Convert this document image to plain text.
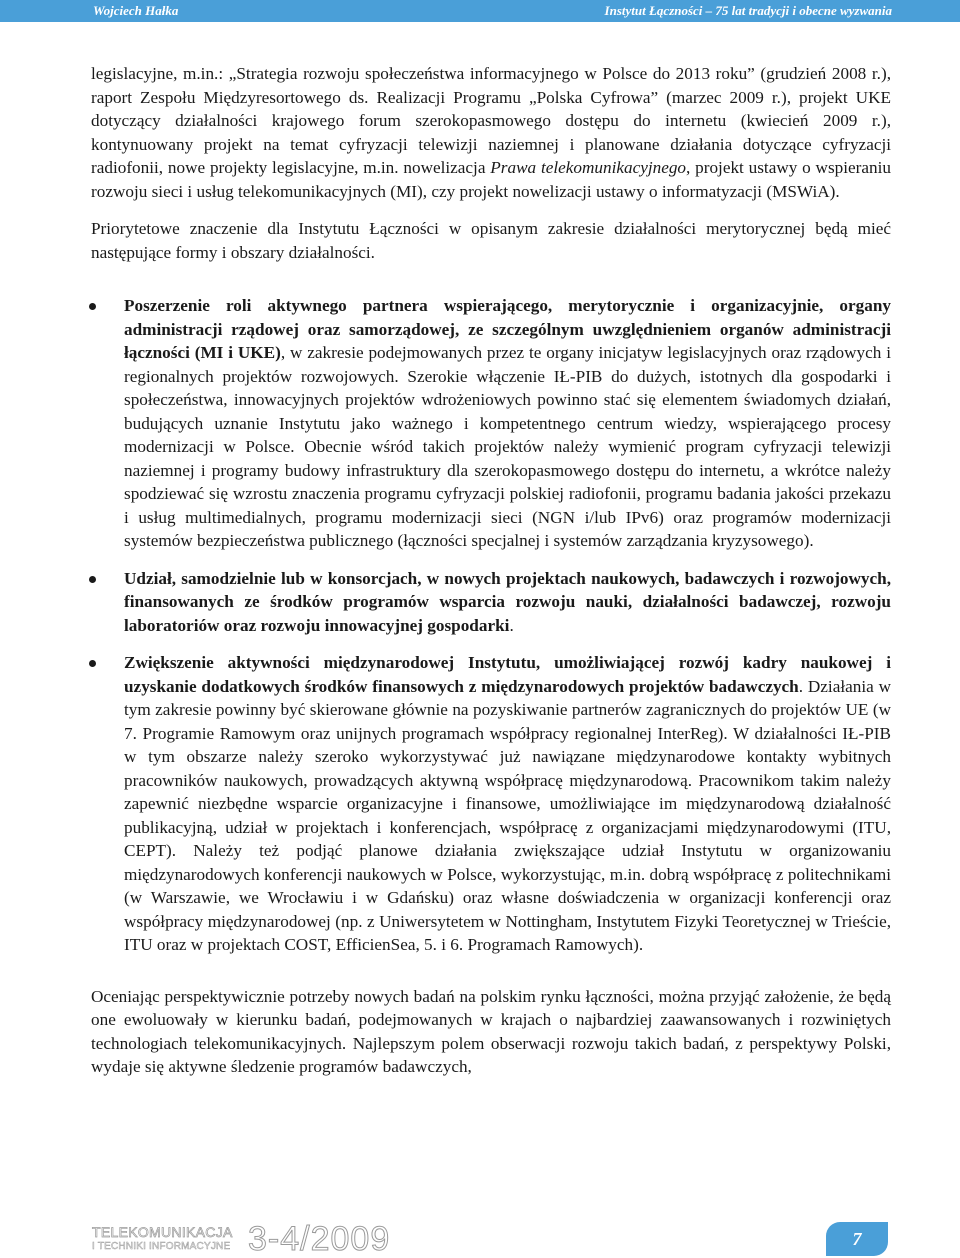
Wojciech Hałka	Instytut Łączności – 75 lat tradycji i obecne wyzwania

legislacyjne, m.in.: „Strategia rozwoju społeczeństwa informacyjnego w Polsce do 2013 roku” (grudzień 2008 r.), raport Zespołu Międzyresortowego ds. Realizacji Programu „Polska Cyfrowa” (marzec 2009 r.), projekt UKE dotyczący działalności krajowego forum szerokopasmowego dostępu do internetu (kwiecień 2009 r.), kontynuowany projekt na temat cyfryzacji telewizji naziemnej i planowane działania dotyczące cyfryzacji radiofonii, nowe projekty legislacyjne, m.in. nowelizacja Prawa telekomunikacyjnego, projekt ustawy o wspieraniu rozwoju sieci i usług telekomunikacyjnych (MI), czy projekt nowelizacji ustawy o informatyzacji (MSWiA).

Priorytetowe znaczenie dla Instytutu Łączności w opisanym zakresie działalności merytorycznej będą mieć następujące formy i obszary działalności.

Poszerzenie roli aktywnego partnera wspierającego, merytorycznie i organizacyjnie, organy administracji rządowej oraz samorządowej, ze szczególnym uwzględnieniem organów administracji łączności (MI i UKE), w zakresie podejmowanych przez te organy inicjatyw legislacyjnych oraz rządowych i regionalnych projektów rozwojowych. Szerokie włączenie IŁ-PIB do dużych, istotnych dla gospodarki i społeczeństwa, innowacyjnych projektów wdrożeniowych powinno stać się elementem świadomych działań, budujących uznanie Instytutu jako ważnego i kompetentnego centrum wiedzy, wspierającego procesy modernizacji w Polsce. Obecnie wśród takich projektów należy wymienić program cyfryzacji telewizji naziemnej i programy budowy infrastruktury dla szerokopasmowego dostępu do internetu, a wkrótce należy spodziewać się wzrostu znaczenia programu cyfryzacji polskiej radiofonii, programu badania jakości przekazu i usług multimedialnych, programu modernizacji sieci (NGN i/lub IPv6) oraz programów modernizacji systemów bezpieczeństwa publicznego (łączności specjalnej i systemów zarządzania kryzysowego).
Udział, samodzielnie lub w konsorcjach, w nowych projektach naukowych, badawczych i rozwojowych, finansowanych ze środków programów wsparcia rozwoju nauki, działalności badawczej, rozwoju laboratoriów oraz rozwoju innowacyjnej gospodarki.
Zwiększenie aktywności międzynarodowej Instytutu, umożliwiającej rozwój kadry naukowej i uzyskanie dodatkowych środków finansowych z międzynarodowych projektów badawczych. Działania w tym zakresie powinny być skierowane głównie na pozyskiwanie partnerów zagranicznych do projektów UE (w 7. Programie Ramowym oraz unijnych programach współpracy regionalnej InterReg). W działalności IŁ-PIB w tym obszarze należy szeroko wykorzystywać już nawiązane międzynarodowe kontakty wybitnych pracowników naukowych, prowadzących aktywną współpracę międzynarodową. Pracownikom takim należy zapewnić niezbędne wsparcie organizacyjne i finansowe, umożliwiające im międzynarodową działalność publikacyjną, udział w projektach i konferencjach, współpracę z organizacjami międzynarodowymi (ITU, CEPT). Należy też podjąć planowe działania zwiększające udział Instytutu w organizowaniu międzynarodowych konferencji naukowych w Polsce, wykorzystując, m.in. dobrą współpracę z politechnikami (w Warszawie, we Wrocławiu i w Gdańsku) oraz własne doświadczenia w organizacji konferencji oraz współpracy międzynarodowej (np. z Uniwersytetem w Nottingham, Instytutem Fizyki Teoretycznej w Trieście, ITU oraz w projektach COST, EfficienSea, 5. i 6. Programach Ramowych).

Oceniając perspektywicznie potrzeby nowych badań na polskim rynku łączności, można przyjąć założenie, że będą one ewoluowały w kierunku badań, podejmowanych w krajach o najbardziej zaawansowanych i rozwiniętych technologiach telekomunikacyjnych. Najlepszym polem obserwacji rozwoju takich badań, z perspektywy Polski, wydaje się aktywne śledzenie programów badawczych,

TELEKOMUNIKACJA
I TECHNIKI INFORMACYJNE 3-4/2009	7
